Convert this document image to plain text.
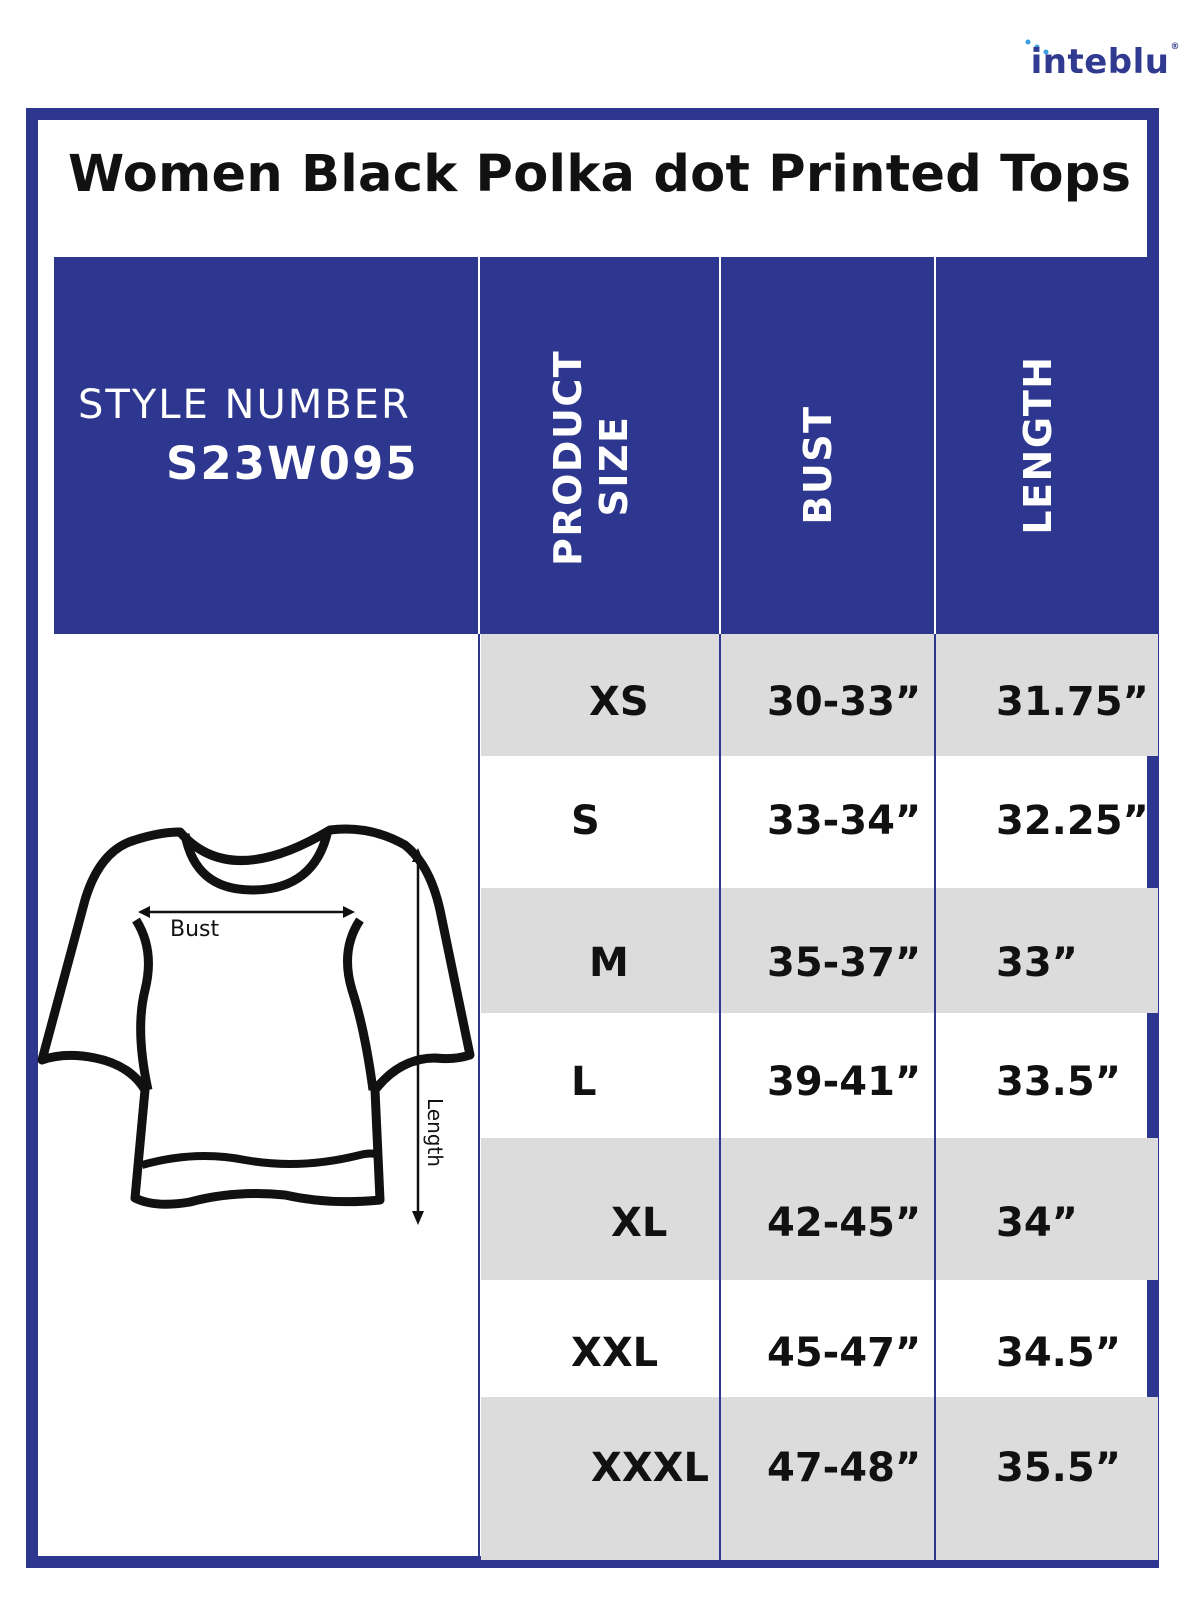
inteblu®
Women Black Polka dot Printed Tops
STYLE NUMBER
S23W095	PRODUCT SIZE	BUST	LENGTH
XS	30-33” 31.75”
S	33-34” 32.25”
M	35-37” 33”
L	39-41” 33.5”
XL 42-45” 34”
XXL	45-47” 34.5”
XXXL 47-48” 35.5”
Bust
Length
